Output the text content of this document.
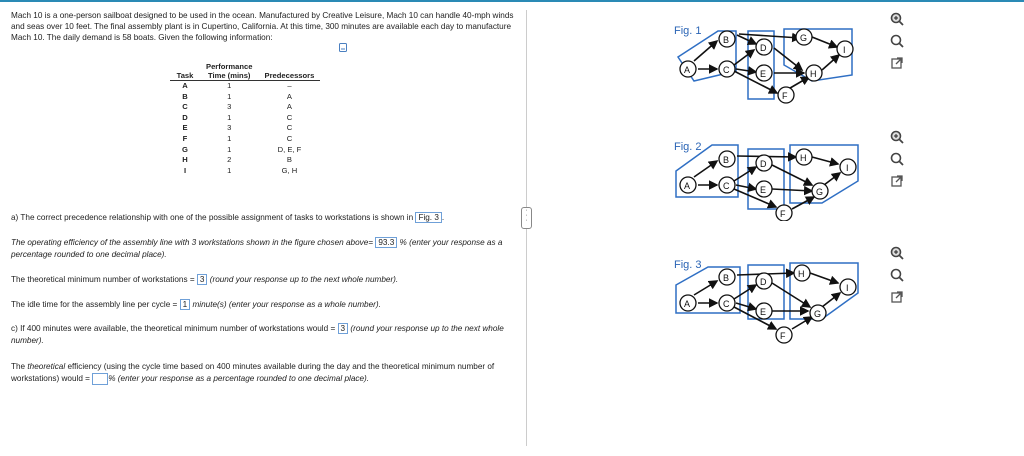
Mach 10 is a one-person sailboat designed to be used in the ocean. Manufactured by Creative Leisure, Mach 10 can handle 40-mph winds and seas over 10 feet. The final assembly plant is in Cupertino, California. At this time, 300 minutes are available each day to manufacture Mach 10. The daily demand is 58 boats. Given the following information:

Task	Performance Time (mins)	Predecessors
A	1	–
B	1	A
C	3	A
D	1	C
E	3	C
F	1	C
G	1	D, E, F
H	2	B
I	1	G, H
a) The correct precedence relationship with one of the possible assignment of tasks to workstations is shown in Fig. 3 .
The operating efficiency of the assembly line with 3 workstations shown in the figure chosen above= 93.3 % (enter your response as a percentage rounded to one decimal place).
The theoretical minimum number of workstations = 3 (round your response up to the next whole number).
The idle time for the assembly line per cycle = 1 minute(s) (enter your response as a whole number).
c) If 400 minutes were available, the theoretical minimum number of workstations would = 3 (round your response up to the next whole number).
The theoretical efficiency (using the cycle time based on 400 minutes available during the day and the theoretical minimum number of workstations) would = % (enter your response as a percentage rounded to one decimal place).
·
·
·
Fig. 1
A
B
C
D
E
F
G
H
I
Fig. 2
A
B
C
D
E
F
G
H
I
Fig. 3
A
B
C
D
E
F
G
H
I
